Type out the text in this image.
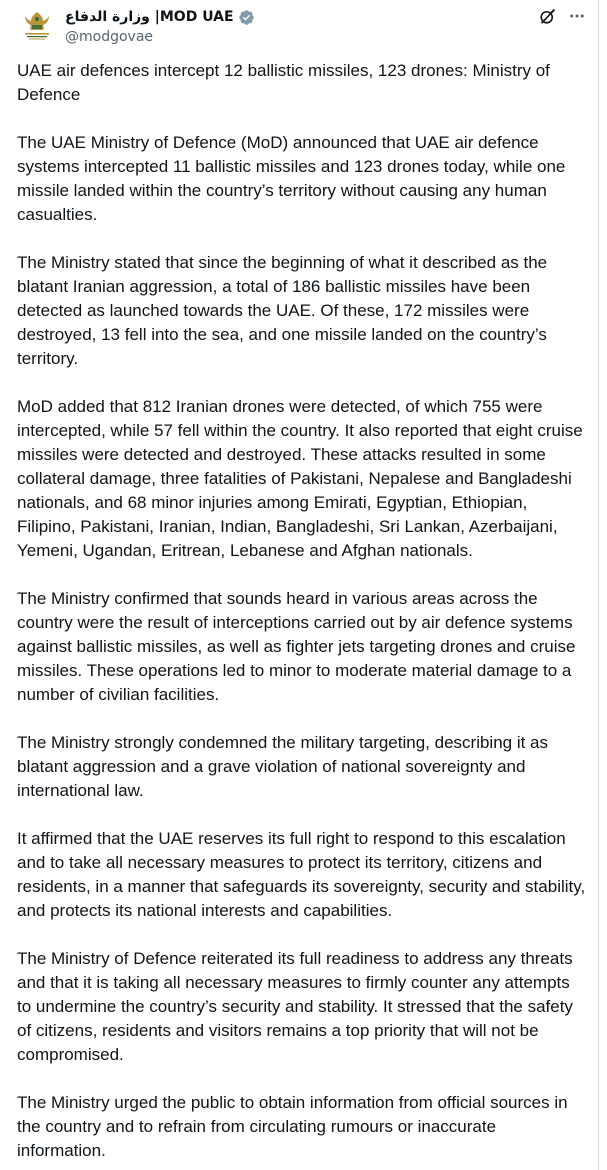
وزارة الدفاع |MOD UAE
@modgovae

UAE air defences intercept 12 ballistic missiles, 123 drones: Ministry of Defence

The UAE Ministry of Defence (MoD) announced that UAE air defence systems intercepted 11 ballistic missiles and 123 drones today, while one missile landed within the country’s territory without causing any human casualties.

The Ministry stated that since the beginning of what it described as the blatant Iranian aggression, a total of 186 ballistic missiles have been detected as launched towards the UAE. Of these, 172 missiles were destroyed, 13 fell into the sea, and one missile landed on the country’s territory.

MoD added that 812 Iranian drones were detected, of which 755 were intercepted, while 57 fell within the country. It also reported that eight cruise missiles were detected and destroyed. These attacks resulted in some collateral damage, three fatalities of Pakistani, Nepalese and Bangladeshi nationals, and 68 minor injuries among Emirati, Egyptian, Ethiopian, Filipino, Pakistani, Iranian, Indian, Bangladeshi, Sri Lankan, Azerbaijani, Yemeni, Ugandan, Eritrean, Lebanese and Afghan nationals.

The Ministry confirmed that sounds heard in various areas across the country were the result of interceptions carried out by air defence systems against ballistic missiles, as well as fighter jets targeting drones and cruise missiles. These operations led to minor to moderate material damage to a number of civilian facilities.

The Ministry strongly condemned the military targeting, describing it as blatant aggression and a grave violation of national sovereignty and international law.

It affirmed that the UAE reserves its full right to respond to this escalation and to take all necessary measures to protect its territory, citizens and residents, in a manner that safeguards its sovereignty, security and stability, and protects its national interests and capabilities.

The Ministry of Defence reiterated its full readiness to address any threats and that it is taking all necessary measures to firmly counter any attempts to undermine the country’s security and stability. It stressed that the safety of citizens, residents and visitors remains a top priority that will not be compromised.

The Ministry urged the public to obtain information from official sources in the country and to refrain from circulating rumours or inaccurate information.
